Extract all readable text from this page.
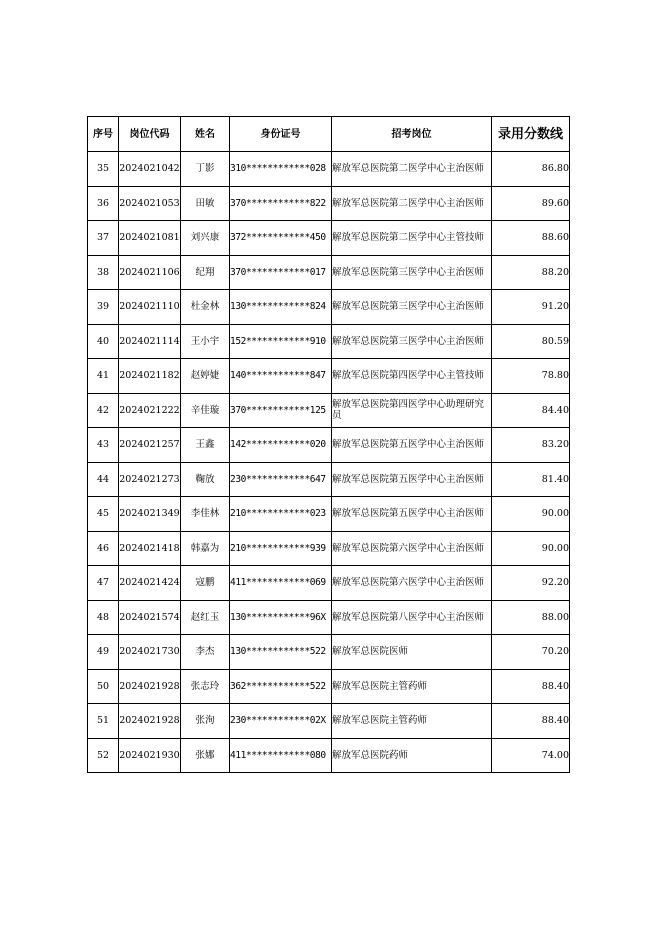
序号	岗位代码	姓名	身份证号	招考岗位	录用分数线
35	2024021042	丁影	310************028	解放军总医院第二医学中心主治医师	86.80
36	2024021053	田敏	370************822	解放军总医院第二医学中心主治医师	89.60
37	2024021081	刘兴康	372************450	解放军总医院第二医学中心主管技师	88.60
38	2024021106	纪翔	370************017	解放军总医院第三医学中心主治医师	88.20
39	2024021110	杜金林	130************824	解放军总医院第三医学中心主治医师	91.20
40	2024021114	王小宇	152************910	解放军总医院第三医学中心主治医师	80.59
41	2024021182	赵婷婕	140************847	解放军总医院第四医学中心主管技师	78.80
42	2024021222	辛佳璇	370************125	解放军总医院第四医学中心助理研究员	84.40
43	2024021257	王鑫	142************020	解放军总医院第五医学中心主治医师	83.20
44	2024021273	鞠放	230************647	解放军总医院第五医学中心主治医师	81.40
45	2024021349	李佳林	210************023	解放军总医院第五医学中心主治医师	90.00
46	2024021418	韩嘉为	210************939	解放军总医院第六医学中心主治医师	90.00
47	2024021424	寇鹏	411************069	解放军总医院第六医学中心主治医师	92.20
48	2024021574	赵红玉	130************96X	解放军总医院第八医学中心主治医师	88.00
49	2024021730	李杰	130************522	解放军总医院医师	70.20
50	2024021928	张志玲	362************522	解放军总医院主管药师	88.40
51	2024021928	张洵	230************02X	解放军总医院主管药师	88.40
52	2024021930	张娜	411************080	解放军总医院药师	74.00
